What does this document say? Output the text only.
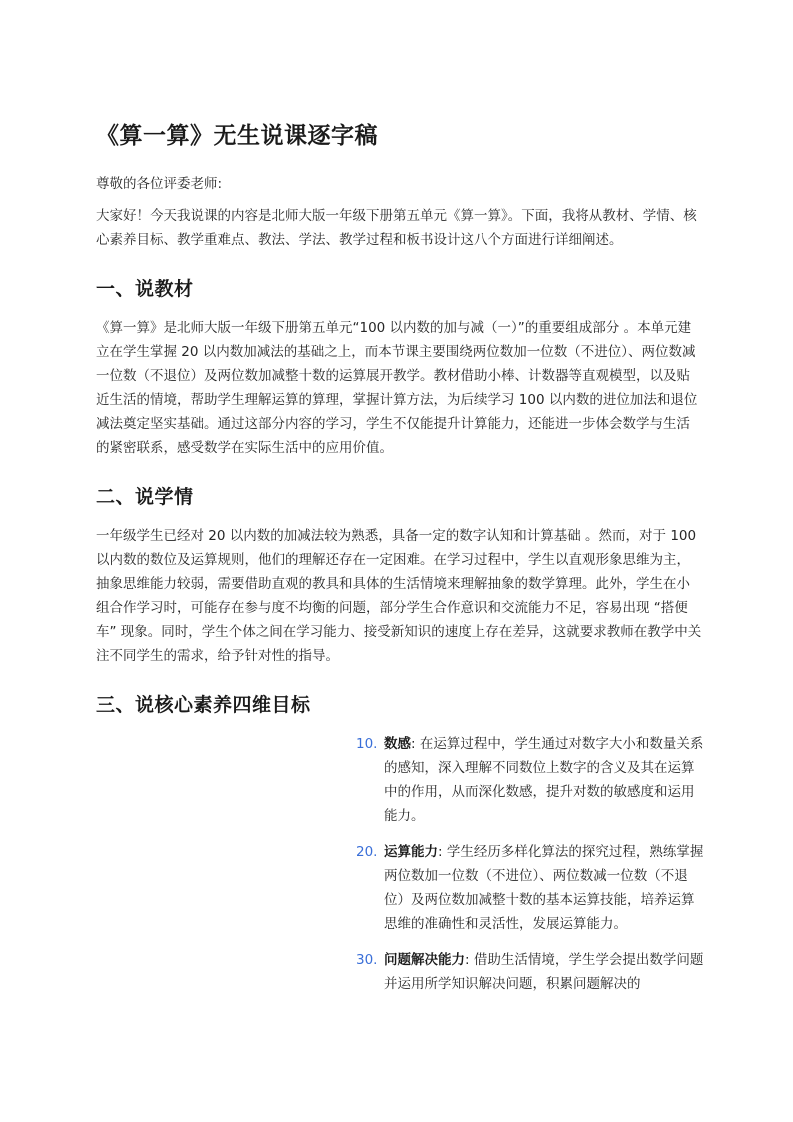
《算一算》无生说课逐字稿

尊敬的各位评委老师:

大家好！今天我说课的内容是北师大版一年级下册第五单元《算一算》。下面，我将从教材、学情、核心素养目标、教学重难点、教法、学法、教学过程和板书设计这八个方面进行详细阐述。

一、说教材

《算一算》是北师大版一年级下册第五单元“100 以内数的加与减（一）”的重要组成部分 。本单元建立在学生掌握 20 以内数加减法的基础之上，而本节课主要围绕两位数加一位数（不进位）、两位数减一位数（不退位）及两位数加减整十数的运算展开教学。教材借助小棒、计数器等直观模型，以及贴近生活的情境，帮助学生理解运算的算理，掌握计算方法，为后续学习 100 以内数的进位加法和退位减法奠定坚实基础。通过这部分内容的学习，学生不仅能提升计算能力，还能进一步体会数学与生活的紧密联系，感受数学在实际生活中的应用价值。

二、说学情

一年级学生已经对 20 以内数的加减法较为熟悉，具备一定的数字认知和计算基础 。然而，对于 100 以内数的数位及运算规则，他们的理解还存在一定困难。在学习过程中，学生以直观形象思维为主，抽象思维能力较弱，需要借助直观的教具和具体的生活情境来理解抽象的数学算理。此外，学生在小组合作学习时，可能存在参与度不均衡的问题，部分学生合作意识和交流能力不足，容易出现 “搭便车” 现象。同时，学生个体之间在学习能力、接受新知识的速度上存在差异，这就要求教师在教学中关注不同学生的需求，给予针对性的指导。

三、说核心素养四维目标
10. 数感: 在运算过程中，学生通过对数字大小和数量关系的感知，深入理解不同数位上数字的含义及其在运算中的作用，从而深化数感，提升对数的敏感度和运用能力。
20. 运算能力: 学生经历多样化算法的探究过程，熟练掌握两位数加一位数（不进位）、两位数减一位数（不退位）及两位数加减整十数的基本运算技能，培养运算思维的准确性和灵活性，发展运算能力。
30. 问题解决能力: 借助生活情境，学生学会提出数学问题并运用所学知识解决问题，积累问题解决的
